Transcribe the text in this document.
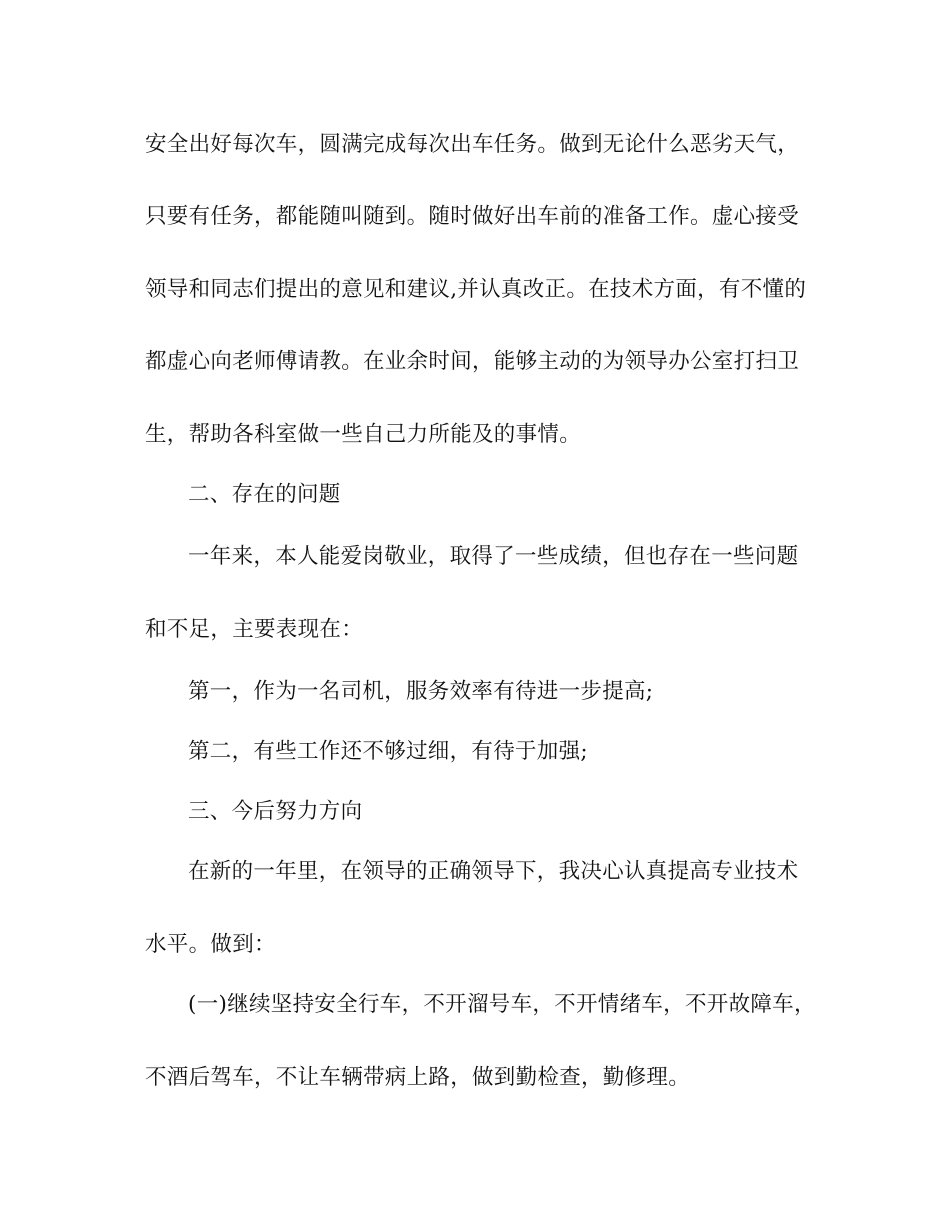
安全出好每次车，圆满完成每次出车任务。做到无论什么恶劣天气，
只要有任务，都能随叫随到。随时做好出车前的准备工作。虚心接受
领导和同志们提出的意见和建议,并认真改正。在技术方面，有不懂的
都虚心向老师傅请教。在业余时间，能够主动的为领导办公室打扫卫
生，帮助各科室做一些自己力所能及的事情。
二、存在的问题
一年来，本人能爱岗敬业，取得了一些成绩，但也存在一些问题
和不足，主要表现在：
第一，作为一名司机，服务效率有待进一步提高;
第二，有些工作还不够过细，有待于加强;
三、今后努力方向
在新的一年里，在领导的正确领导下，我决心认真提高专业技术
水平。做到：
(一)继续坚持安全行车，不开溜号车，不开情绪车，不开故障车，
不酒后驾车，不让车辆带病上路，做到勤检查，勤修理。
